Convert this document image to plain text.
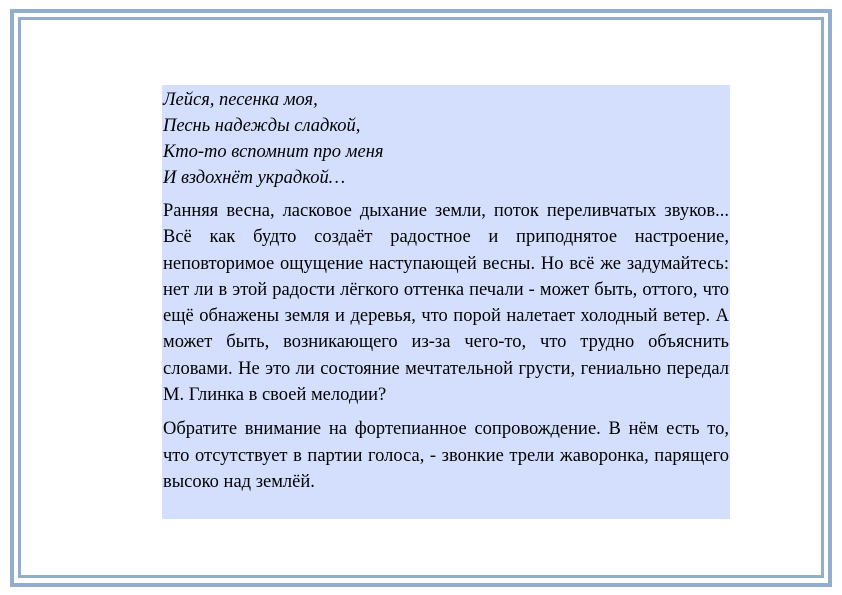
Лейся, песенка моя,
Песнь надежды сладкой,
Кто-то вспомнит про меня
И вздохнёт украдкой…

Ранняя весна, ласковое дыхание земли, поток переливчатых звуков... Всё как будто создаёт радостное и приподнятое настроение, неповторимое ощущение наступающей весны. Но всё же задумайтесь: нет ли в этой радости лёгкого оттенка печали - может быть, оттого, что ещё обнажены земля и деревья, что порой налетает холодный ветер. А может быть, возникающего из-за чего-то, что трудно объяснить словами. Не это ли состояние мечтательной грусти, гениально передал М. Глинка в своей мелодии?

Обратите внимание на фортепианное сопровождение. В нём есть то, что отсутствует в партии голоса, - звонкие трели жаворонка, парящего высоко над землёй.
